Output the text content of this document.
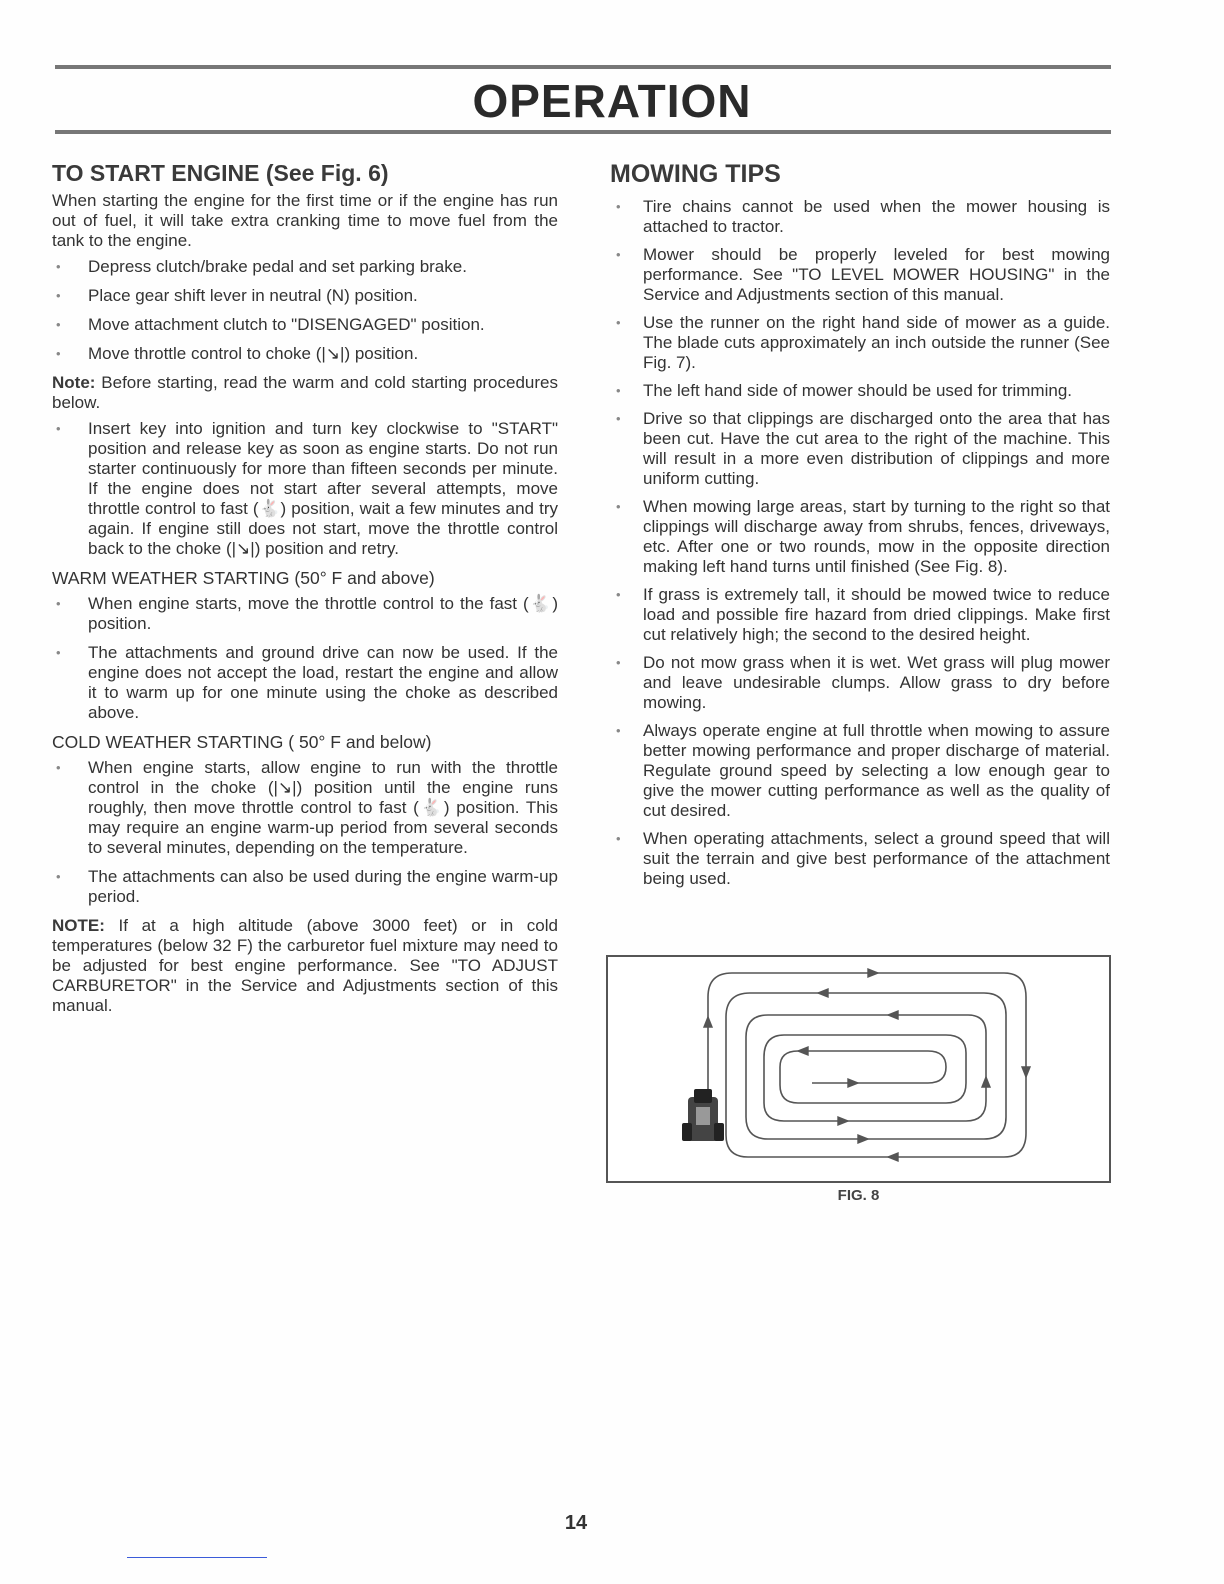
OPERATION
TO START ENGINE (See Fig. 6)

When starting the engine for the first time or if the engine has run out of fuel, it will take extra cranking time to move fuel from the tank to the engine.

• Depress clutch/brake pedal and set parking brake.
• Place gear shift lever in neutral (N) position.
• Move attachment clutch to "DISENGAGED" position.
• Move throttle control to choke (|↘|) position.

Note: Before starting, read the warm and cold starting procedures below.

• Insert key into ignition and turn key clockwise to "START" position and release key as soon as engine starts. Do not run starter continuously for more than fifteen seconds per minute. If the engine does not start after several attempts, move throttle control to fast (🐇) position, wait a few minutes and try again. If engine still does not start, move the throttle control back to the choke (|↘|) position and retry.

WARM WEATHER STARTING (50° F and above)

• When engine starts, move the throttle control to the fast (🐇) position.
• The attachments and ground drive can now be used. If the engine does not accept the load, restart the engine and allow it to warm up for one minute using the choke as described above.

COLD WEATHER STARTING ( 50° F and below)

• When engine starts, allow engine to run with the throttle control in the choke (|↘|) position until the engine runs roughly, then move throttle control to fast (🐇) position. This may require an engine warm-up period from several seconds to several minutes, depending on the temperature.
• The attachments can also be used during the engine warm-up period.

NOTE: If at a high altitude (above 3000 feet) or in cold temperatures (below 32 F) the carburetor fuel mixture may need to be adjusted for best engine performance. See "TO ADJUST CARBURETOR" in the Service and Adjustments section of this manual.

MOWING TIPS
• Tire chains cannot be used when the mower housing is attached to tractor.
• Mower should be properly leveled for best mowing performance. See "TO LEVEL MOWER HOUSING" in the Service and Adjustments section of this manual.
• Use the runner on the right hand side of mower as a guide. The blade cuts approximately an inch outside the runner (See Fig. 7).
• The left hand side of mower should be used for trimming.
• Drive so that clippings are discharged onto the area that has been cut. Have the cut area to the right of the machine. This will result in a more even distribution of clippings and more uniform cutting.
• When mowing large areas, start by turning to the right so that clippings will discharge away from shrubs, fences, driveways, etc. After one or two rounds, mow in the opposite direction making left hand turns until finished (See Fig. 8).
• If grass is extremely tall, it should be mowed twice to reduce load and possible fire hazard from dried clippings. Make first cut relatively high; the second to the desired height.
• Do not mow grass when it is wet. Wet grass will plug mower and leave undesirable clumps. Allow grass to dry before mowing.
• Always operate engine at full throttle when mowing to assure better mowing performance and proper discharge of material. Regulate ground speed by selecting a low enough gear to give the mower cutting performance as well as the quality of cut desired.
• When operating attachments, select a ground speed that will suit the terrain and give best performance of the attachment being used.
FIG. 8
14
